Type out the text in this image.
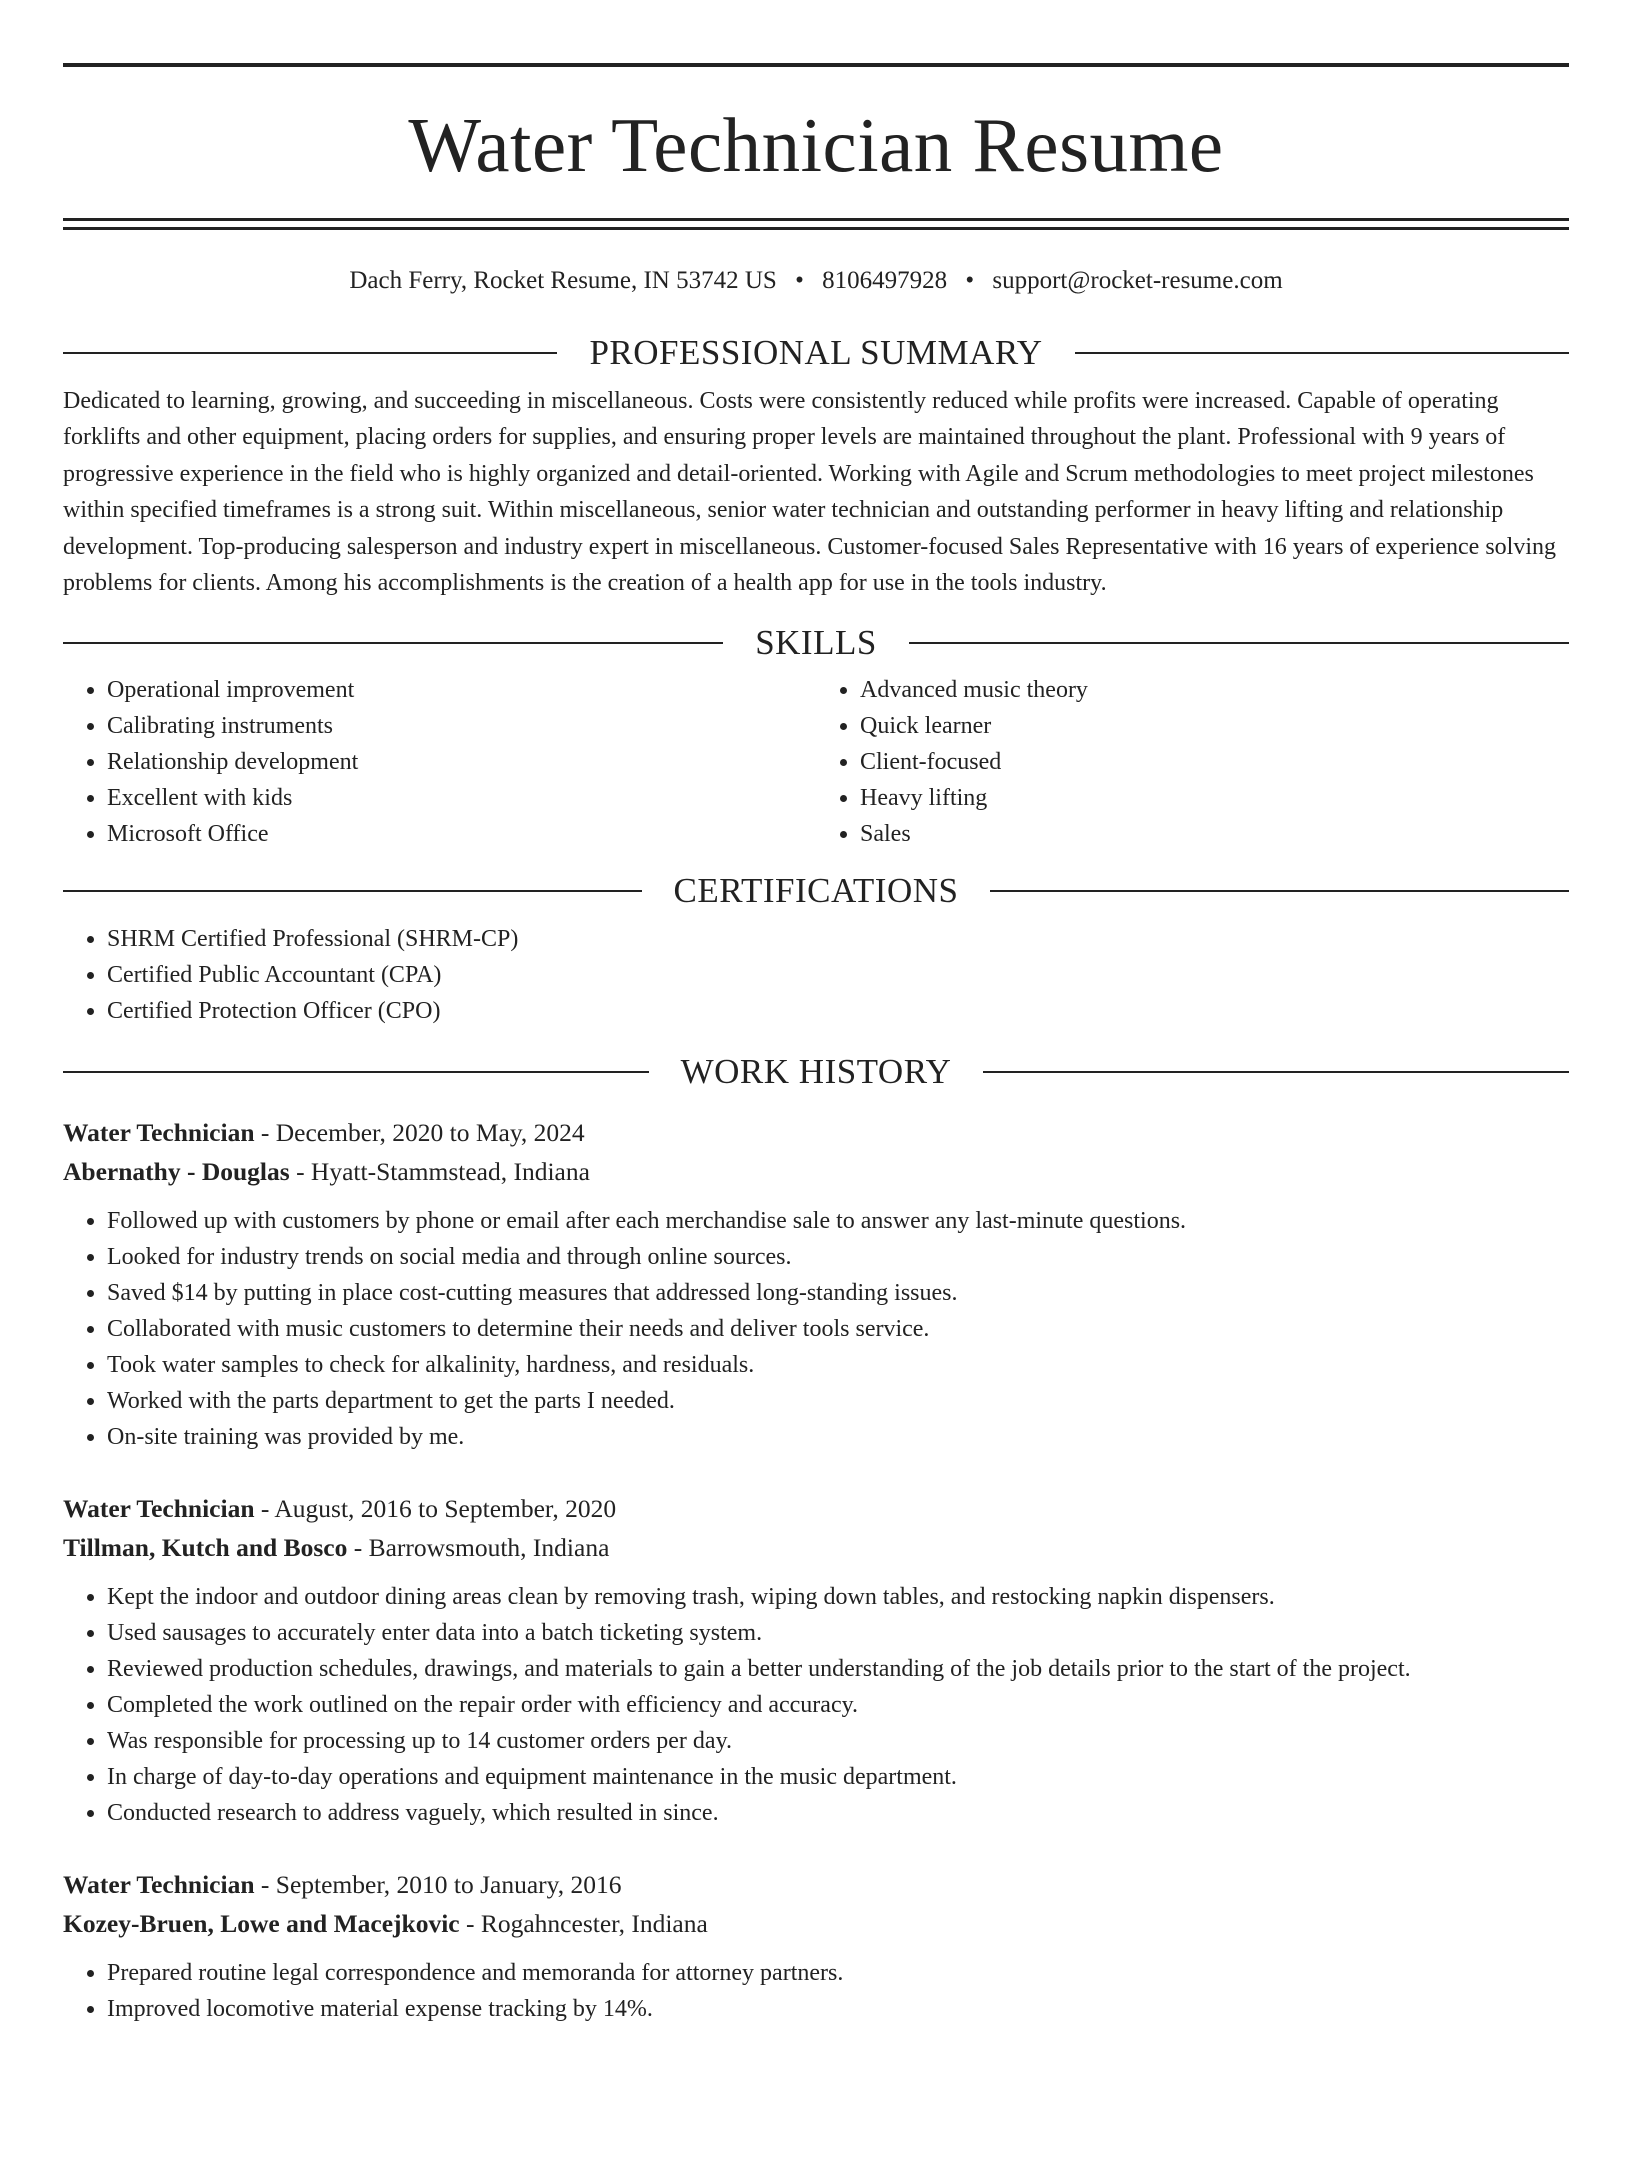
Water Technician Resume
Dach Ferry, Rocket Resume, IN 53742 US • 8106497928 • support@rocket-resume.com
PROFESSIONAL SUMMARY

Dedicated to learning, growing, and succeeding in miscellaneous. Costs were consistently reduced while profits were increased. Capable of operating forklifts and other equipment, placing orders for supplies, and ensuring proper levels are maintained throughout the plant. Professional with 9 years of progressive experience in the field who is highly organized and detail-oriented. Working with Agile and Scrum methodologies to meet project milestones within specified timeframes is a strong suit. Within miscellaneous, senior water technician and outstanding performer in heavy lifting and relationship development. Top-producing salesperson and industry expert in miscellaneous. Customer-focused Sales Representative with 16 years of experience solving problems for clients. Among his accomplishments is the creation of a health app for use in the tools industry.

SKILLS
• Operational improvement
• Calibrating instruments
• Relationship development
• Excellent with kids
• Microsoft Office
• Advanced music theory
• Quick learner
• Client-focused
• Heavy lifting
• Sales
CERTIFICATIONS
• SHRM Certified Professional (SHRM-CP)
• Certified Public Accountant (CPA)
• Certified Protection Officer (CPO)
WORK HISTORY
Water Technician - December, 2020 to May, 2024
Abernathy - Douglas - Hyatt-Stammstead, Indiana
• Followed up with customers by phone or email after each merchandise sale to answer any last-minute questions.
• Looked for industry trends on social media and through online sources.
• Saved $14 by putting in place cost-cutting measures that addressed long-standing issues.
• Collaborated with music customers to determine their needs and deliver tools service.
• Took water samples to check for alkalinity, hardness, and residuals.
• Worked with the parts department to get the parts I needed.
• On-site training was provided by me.
Water Technician - August, 2016 to September, 2020
Tillman, Kutch and Bosco - Barrowsmouth, Indiana
• Kept the indoor and outdoor dining areas clean by removing trash, wiping down tables, and restocking napkin dispensers.
• Used sausages to accurately enter data into a batch ticketing system.
• Reviewed production schedules, drawings, and materials to gain a better understanding of the job details prior to the start of the project.
• Completed the work outlined on the repair order with efficiency and accuracy.
• Was responsible for processing up to 14 customer orders per day.
• In charge of day-to-day operations and equipment maintenance in the music department.
• Conducted research to address vaguely, which resulted in since.
Water Technician - September, 2010 to January, 2016
Kozey-Bruen, Lowe and Macejkovic - Rogahncester, Indiana
• Prepared routine legal correspondence and memoranda for attorney partners.
• Improved locomotive material expense tracking by 14%.
